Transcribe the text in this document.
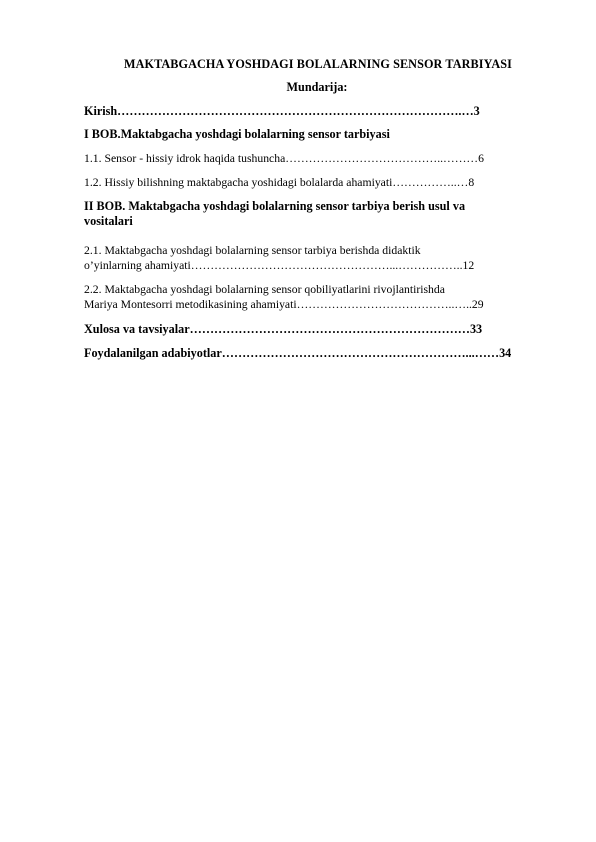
MAKTABGACHA YOSHDAGI BOLALARNING SENSOR TARBIYASI
Mundarija:
Kirish………………………………………………………………………….…3
I BOB.Maktabgacha yoshdagi bolalarning sensor tarbiyasi
1.1. Sensor - hissiy idrok haqida tushuncha…………………………………..………6
1.2. Hissiy bilishning maktabgacha yoshidagi bolalarda ahamiyati……………..…8
II BOB. Maktabgacha yoshdagi bolalarning sensor tarbiya berish usul va
vositalari
2.1. Maktabgacha yoshdagi bolalarning sensor tarbiya berishda didaktik
o’yinlarning ahamiyati……………………………………………...……………..12
2.2. Maktabgacha yoshdagi bolalarning sensor qobiliyatlarini rivojlantirishda
Mariya Montesorri metodikasining ahamiyati…………………………………..…..29
Xulosa va tavsiyalar……………………………………………………………33
Foydalanilgan adabiyotlar……………………………………………………...……34
